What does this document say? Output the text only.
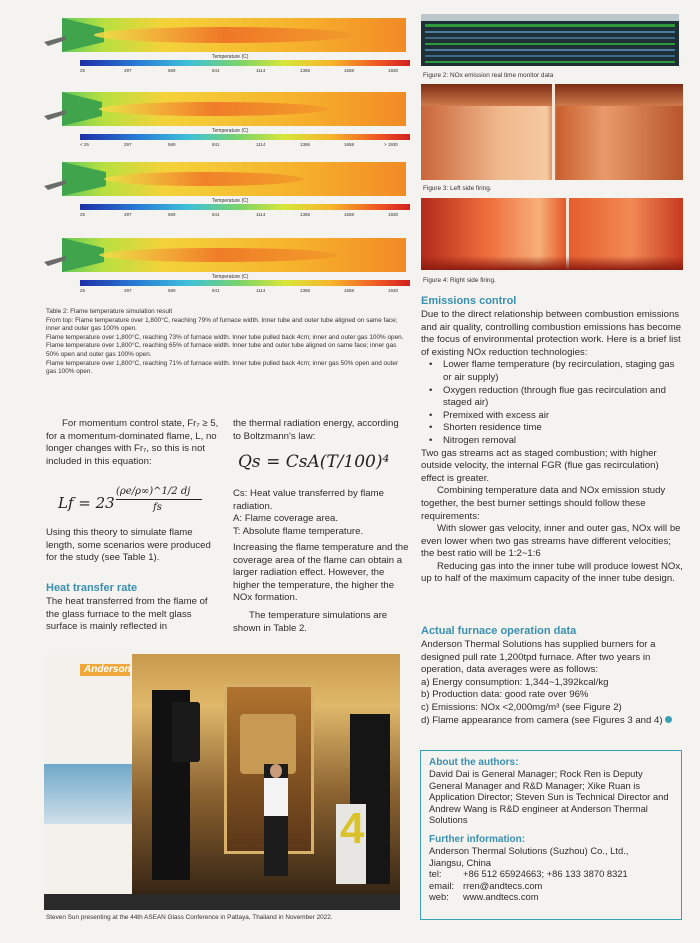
Temperature (C)
25	297	569	841	1114	1386	1658	1930
Temperature (C)
< 25	297	569	841	1114	1386	1658	> 1930
Temperature (C)
25	297	569	841	1114	1386	1658	1930
Temperature (C)
25	297	569	841	1114	1386	1658	1930
Table 2: Flame temperature simulation result
From top: Flame temperature over 1,800°C, reaching 79% of furnace width. Inner tube and outer tube aligned on same face; inner and outer gas 100% open.
Flame temperature over 1,800°C, reaching 73% of furnace width. Inner tube pulled back 4cm; inner and outer gas 100% open.
Flame temperature over 1,800°C, reaching 65% of furnace width. Inner tube and outer tube aligned on same face; inner gas 50% open and outer gas 100% open.
Flame temperature over 1,800°C, reaching 71% of furnace width. Inner tube pulled back 4cm; inner gas 50% open and outer gas 100% open.
Figure 2: NOx emission real time monitor data
Figure 3: Left side firing.
Figure 4: Right side firing.
For momentum control state, Fr₇ ≥ 5, for a momentum-dominated flame, L, no longer changes with Fr₇, so this is not included in this equation:
Lf = 23
(ρe/ρ∞)^1/2 dj
fs
Using this theory to simulate flame length, some scenarios were produced for the study (see Table 1).
Heat transfer rate
The heat transferred from the flame of the glass furnace to the melt glass surface is mainly reflected in
the thermal radiation energy, according to Boltzmann's law:
Qs = CsA(T/100)⁴
Cs: Heat value transferred by flame radiation.
A: Flame coverage area.
T: Absolute flame temperature.
Increasing the flame temperature and the coverage area of the flame can obtain a larger radiation effect. However, the higher the temperature, the higher the NOx formation.
The temperature simulations are shown in Table 2.
Emissions control
Due to the direct relationship between combustion emissions and air quality, controlling combustion emissions has become the focus of environmental protection work. Here is a brief list of existing NOx reduction technologies:
• Lower flame temperature (by recirculation, staging gas or air supply)
• Oxygen reduction (through flue gas recirculation and staged air)
• Premixed with excess air
• Shorten residence time
• Nitrogen removal
Two gas streams act as staged combustion; with higher outside velocity, the internal FGR (flue gas recirculation) effect is greater.
Combining temperature data and NOx emission study together, the best burner settings should follow these requirements:
With slower gas velocity, inner and outer gas, NOx will be even lower when two gas streams have different velocities; the best ratio will be 1:2~1:6
Reducing gas into the inner tube will produce lowest NOx, up to half of the maximum capacity of the inner tube design.
Actual furnace operation data
Anderson Thermal Solutions has supplied burners for a designed pull rate 1,200tpd furnace. After two years in operation, data averages were as follows:
a) Energy consumption: 1,344~1,392kcal/kg
b) Production data: good rate over 96%
c) Emissions: NOx <2,000mg/m³ (see Figure 2)
d) Flame appearance from camera (see Figures 3 and 4)
Anderson
4
Steven Sun presenting at the 44th ASEAN Glass Conference in Pattaya, Thailand in November 2022.
About the authors:
David Dai is General Manager; Rock Ren is Deputy General Manager and R&D Manager; Xike Ruan is Application Director; Steven Sun is Technical Director and Andrew Wang is R&D engineer at Anderson Thermal Solutions
Further information:
Anderson Thermal Solutions (Suzhou) Co., Ltd.,
Jiangsu, China
tel: +86 512 65924663; +86 133 3870 8321
email: rren@andtecs.com
web: www.andtecs.com
